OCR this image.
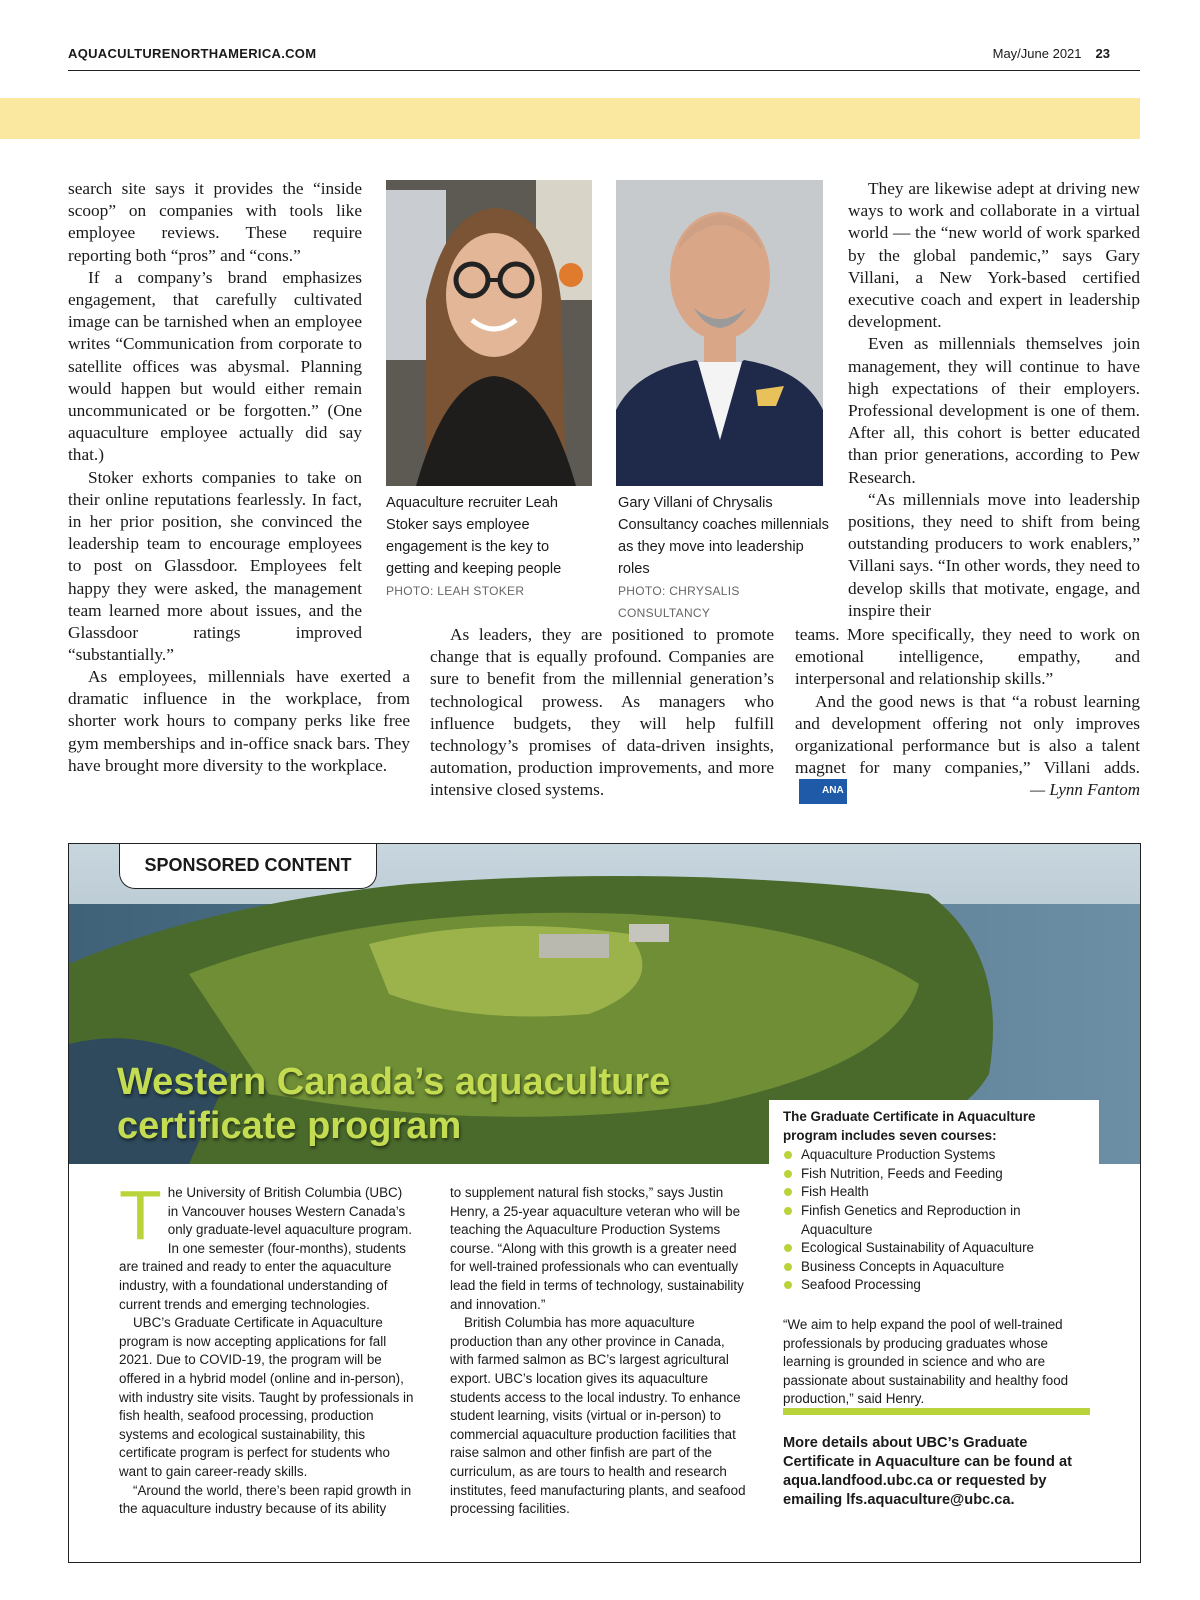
AQUACULTURENORTHAMERICA.COM	May/June 2021 23

search site says it provides the “inside scoop” on companies with tools like employee reviews. These require reporting both “pros” and “cons.”

If a company’s brand emphasizes engagement, that carefully cultivated image can be tarnished when an employee writes “Communication from corporate to satellite offices was abysmal. Planning would happen but would either remain uncommunicated or be forgotten.” (One aquaculture employee actually did say that.)

Stoker exhorts companies to take on their online reputations fearlessly. In fact, in her prior position, she convinced the leadership team to encourage employees to post on Glassdoor. Employees felt happy they were asked, the management team learned more about issues, and the Glassdoor ratings improved “substantially.”

As employees, millennials have exerted a dramatic influence in the workplace, from shorter work hours to company perks like free gym memberships and in-office snack bars. They have brought more diversity to the workplace.

Aquaculture recruiter Leah Stoker says employee engagement is the key to getting and keeping people
PHOTO: LEAH STOKER
Gary Villani of Chrysalis Consultancy coaches millennials as they move into leadership roles
PHOTO: CHRYSALIS CONSULTANCY

As leaders, they are positioned to promote change that is equally profound. Companies are sure to benefit from the millennial generation’s technological prowess. As managers who influence budgets, they will help fulfill technology’s promises of data-driven insights, automation, production improvements, and more intensive closed systems.

They are likewise adept at driving new ways to work and collaborate in a virtual world — the “new world of work sparked by the global pandemic,” says Gary Villani, a New York-based certified executive coach and expert in leadership development.

Even as millennials themselves join management, they will continue to have high expectations of their employers. Professional development is one of them. After all, this cohort is better educated than prior generations, according to Pew Research.

“As millennials move into leadership positions, they need to shift from being outstanding producers to work enablers,” Villani says. “In other words, they need to develop skills that motivate, engage, and inspire their

teams. More specifically, they need to work on emotional intelligence, empathy, and interpersonal and relationship skills.”

And the good news is that “a robust learning and development offering not only improves organizational performance but is also a talent magnet for many companies,” Villani adds.ANA	— Lynn Fantom
SPONSORED CONTENT
Western Canada’s aquaculture certificate program

The University of British Columbia (UBC) in Vancouver houses Western Canada’s only graduate-level aquaculture program. In one semester (four-months), students are trained and ready to enter the aquaculture industry, with a foundational understanding of current trends and emerging technologies.

UBC’s Graduate Certificate in Aquaculture program is now accepting applications for fall 2021. Due to COVID-19, the program will be offered in a hybrid model (online and in-person), with industry site visits. Taught by professionals in fish health, seafood processing, production systems and ecological sustainability, this certificate program is perfect for students who want to gain career-ready skills.

“Around the world, there’s been rapid growth in the aquaculture industry because of its ability

to supplement natural fish stocks,” says Justin Henry, a 25-year aquaculture veteran who will be teaching the Aquaculture Production Systems course. “Along with this growth is a greater need for well-trained professionals who can eventually lead the field in terms of technology, sustainability and innovation.”

British Columbia has more aquaculture production than any other province in Canada, with farmed salmon as BC’s largest agricultural export. UBC’s location gives its aquaculture students access to the local industry. To enhance student learning, visits (virtual or in-person) to commercial aquaculture production facilities that raise salmon and other finfish are part of the curriculum, as are tours to health and research institutes, feed manufacturing plants, and seafood processing facilities.

The Graduate Certificate in Aquaculture program includes seven courses:

Aquaculture Production Systems
Fish Nutrition, Feeds and Feeding
Fish Health
Finfish Genetics and Reproduction in Aquaculture
Ecological Sustainability of Aquaculture
Business Concepts in Aquaculture
Seafood Processing

“We aim to help expand the pool of well-trained professionals by producing graduates whose learning is grounded in science and who are passionate about sustainability and healthy food production,” said Henry.

More details about UBC’s Graduate Certificate in Aquaculture can be found at aqua.landfood.ubc.ca or requested by emailing lfs.aquaculture@ubc.ca.
